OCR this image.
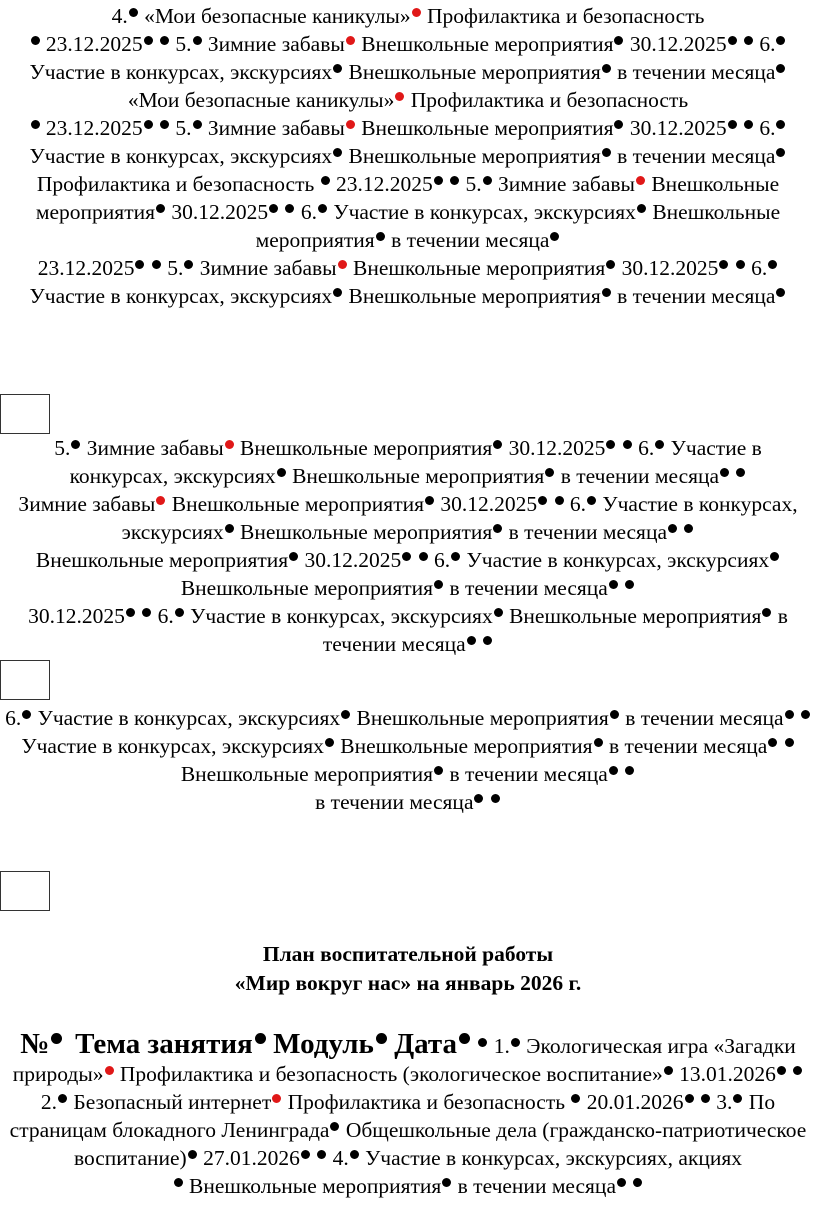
4. «Мои безопасные каникулы» Профилактика и безопасность
23.12.2025 5. Зимние забавы Внешкольные мероприятия 30.12.2025 6. Участие в конкурсах, экскурсиях Внешкольные мероприятия в течении месяца
«Мои безопасные каникулы» Профилактика и безопасность
23.12.2025 5. Зимние забавы Внешкольные мероприятия 30.12.2025 6. Участие в конкурсах, экскурсиях Внешкольные мероприятия в течении месяца
Профилактика и безопасность 23.12.2025 5. Зимние забавы Внешкольные мероприятия 30.12.2025 6. Участие в конкурсах, экскурсиях Внешкольные мероприятия в течении месяца
23.12.2025 5. Зимние забавы Внешкольные мероприятия 30.12.2025 6. Участие в конкурсах, экскурсиях Внешкольные мероприятия в течении месяца

5. Зимние забавы Внешкольные мероприятия 30.12.2025 6. Участие в конкурсах, экскурсиях Внешкольные мероприятия в течении месяца
Зимние забавы Внешкольные мероприятия 30.12.2025 6. Участие в конкурсах, экскурсиях Внешкольные мероприятия в течении месяца
Внешкольные мероприятия 30.12.2025 6. Участие в конкурсах, экскурсиях Внешкольные мероприятия в течении месяца
30.12.2025 6. Участие в конкурсах, экскурсиях Внешкольные мероприятия в течении месяца

6. Участие в конкурсах, экскурсиях Внешкольные мероприятия в течении месяца
Участие в конкурсах, экскурсиях Внешкольные мероприятия в течении месяца
Внешкольные мероприятия в течении месяца
в течении месяца

План воспитательной работы
«Мир вокруг нас» на январь 2026 г.

№ Тема занятия Модуль Дата 1. Экологическая игра «Загадки природы» Профилактика и безопасность (экологическое воспитание» 13.01.2026  2. Безопасный интернет Профилактика и безопасность 20.01.2026 3. По страницам блокадного Ленинграда Общешкольные дела (гражданско-патриотическое воспитание) 27.01.2026 4. Участие в конкурсах, экскурсиях, акциях
Внешкольные мероприятия в течении месяца
